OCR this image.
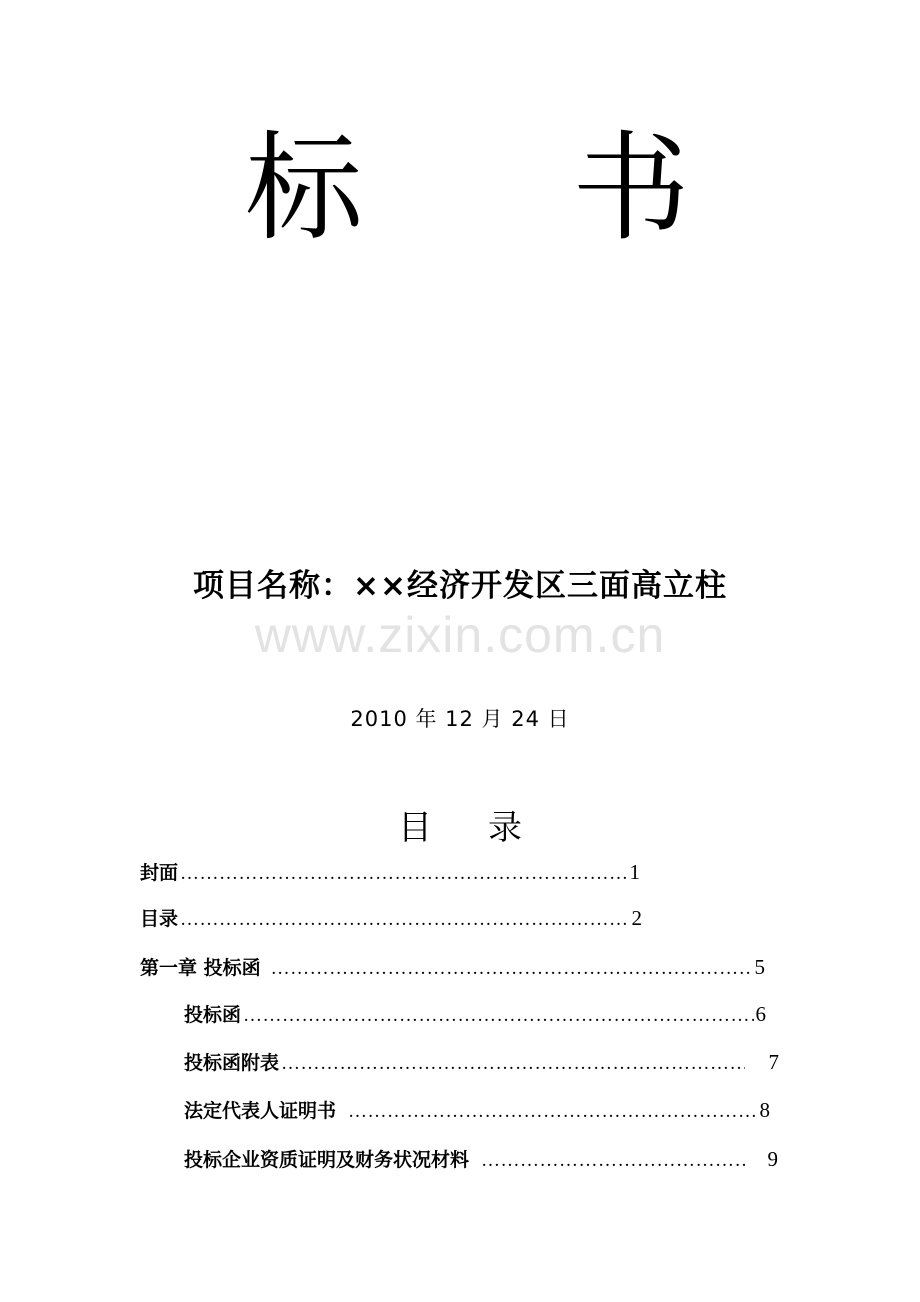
标 书
项目名称：××经济开发区三面高立柱
www.zixin.com.cn
2010 年 12 月 24 日
目 录
封面 ……………………………………………………………………………………………………………………	1
目录 ……………………………………………………………………………………………………………………	2
第一章 投标函 ……………………………………………………………………………………………………………………	5
投标函 ……………………………………………………………………………………………………………………	6
投标函附表 ……………………………………………………………………………………………………………………	7
法定代表人证明书 ……………………………………………………………………………………………………………………	8
投标企业资质证明及财务状况材料 ……………………………………………………………………………………………………………………	9
